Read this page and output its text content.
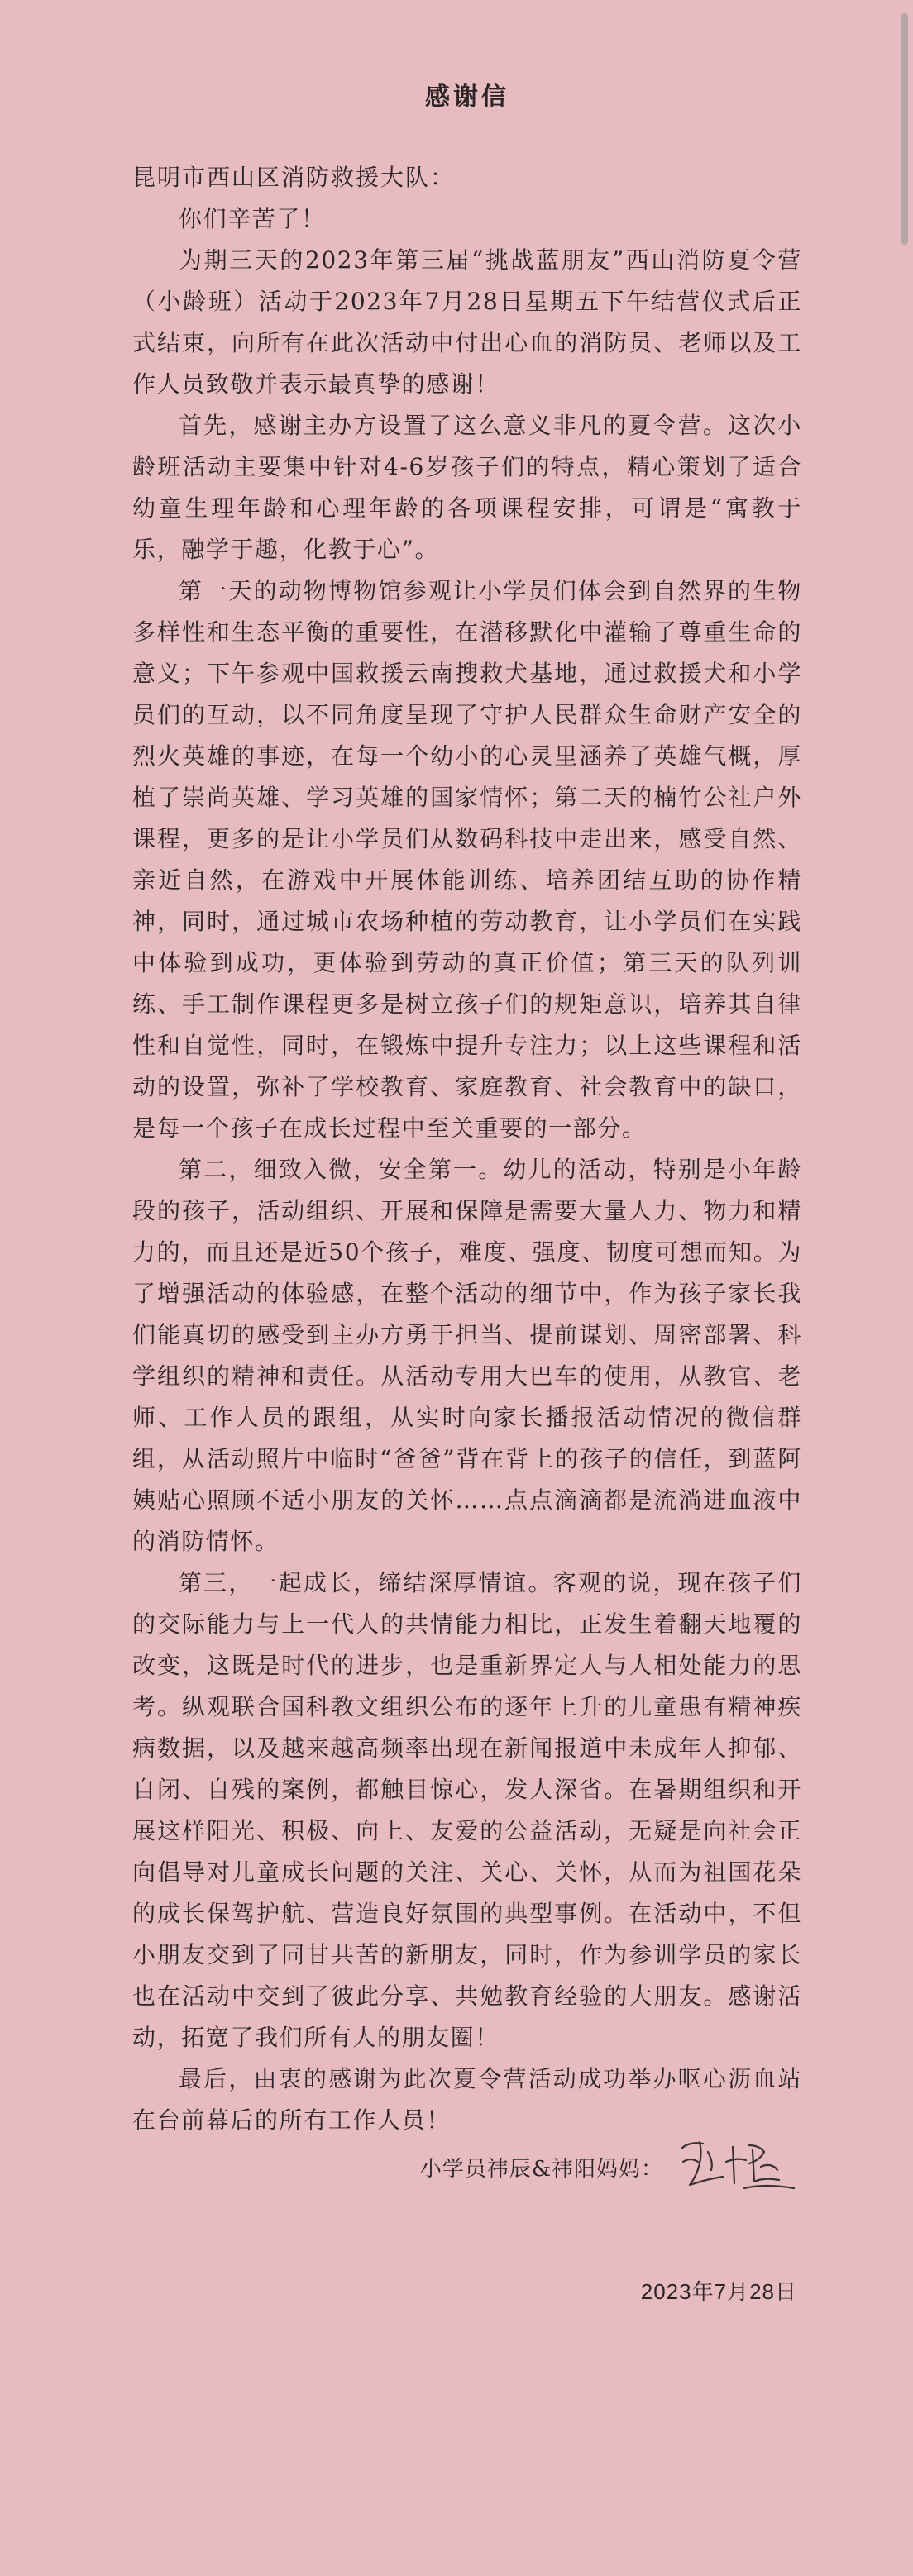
感谢信

昆明市西山区消防救援大队：

你们辛苦了！

为期三天的2023年第三届“挑战蓝朋友”西山消防夏令营（小龄班）活动于2023年7月28日星期五下午结营仪式后正式结束，向所有在此次活动中付出心血的消防员、老师以及工作人员致敬并表示最真挚的感谢！

首先，感谢主办方设置了这么意义非凡的夏令营。这次小龄班活动主要集中针对4-6岁孩子们的特点，精心策划了适合幼童生理年龄和心理年龄的各项课程安排，可谓是“寓教于乐，融学于趣，化教于心”。

第一天的动物博物馆参观让小学员们体会到自然界的生物多样性和生态平衡的重要性，在潜移默化中灌输了尊重生命的意义；下午参观中国救援云南搜救犬基地，通过救援犬和小学员们的互动，以不同角度呈现了守护人民群众生命财产安全的烈火英雄的事迹，在每一个幼小的心灵里涵养了英雄气概，厚植了崇尚英雄、学习英雄的国家情怀；第二天的楠竹公社户外课程，更多的是让小学员们从数码科技中走出来，感受自然、亲近自然，在游戏中开展体能训练、培养团结互助的协作精神，同时，通过城市农场种植的劳动教育，让小学员们在实践中体验到成功，更体验到劳动的真正价值；第三天的队列训练、手工制作课程更多是树立孩子们的规矩意识，培养其自律性和自觉性，同时，在锻炼中提升专注力；以上这些课程和活动的设置，弥补了学校教育、家庭教育、社会教育中的缺口，是每一个孩子在成长过程中至关重要的一部分。

第二，细致入微，安全第一。幼儿的活动，特别是小年龄段的孩子，活动组织、开展和保障是需要大量人力、物力和精力的，而且还是近50个孩子，难度、强度、韧度可想而知。为了增强活动的体验感，在整个活动的细节中，作为孩子家长我们能真切的感受到主办方勇于担当、提前谋划、周密部署、科学组织的精神和责任。从活动专用大巴车的使用，从教官、老师、工作人员的跟组，从实时向家长播报活动情况的微信群组，从活动照片中临时“爸爸”背在背上的孩子的信任，到蓝阿姨贴心照顾不适小朋友的关怀……点点滴滴都是流淌进血液中的消防情怀。

第三，一起成长，缔结深厚情谊。客观的说，现在孩子们的交际能力与上一代人的共情能力相比，正发生着翻天地覆的改变，这既是时代的进步，也是重新界定人与人相处能力的思考。纵观联合国科教文组织公布的逐年上升的儿童患有精神疾病数据，以及越来越高频率出现在新闻报道中未成年人抑郁、自闭、自残的案例，都触目惊心，发人深省。在暑期组织和开展这样阳光、积极、向上、友爱的公益活动，无疑是向社会正向倡导对儿童成长问题的关注、关心、关怀，从而为祖国花朵的成长保驾护航、营造良好氛围的典型事例。在活动中，不但小朋友交到了同甘共苦的新朋友，同时，作为参训学员的家长也在活动中交到了彼此分享、共勉教育经验的大朋友。感谢活动，拓宽了我们所有人的朋友圈！

最后，由衷的感谢为此次夏令营活动成功举办呕心沥血站在台前幕后的所有工作人员！

小学员祎辰&祎阳妈妈：
2023年7月28日
